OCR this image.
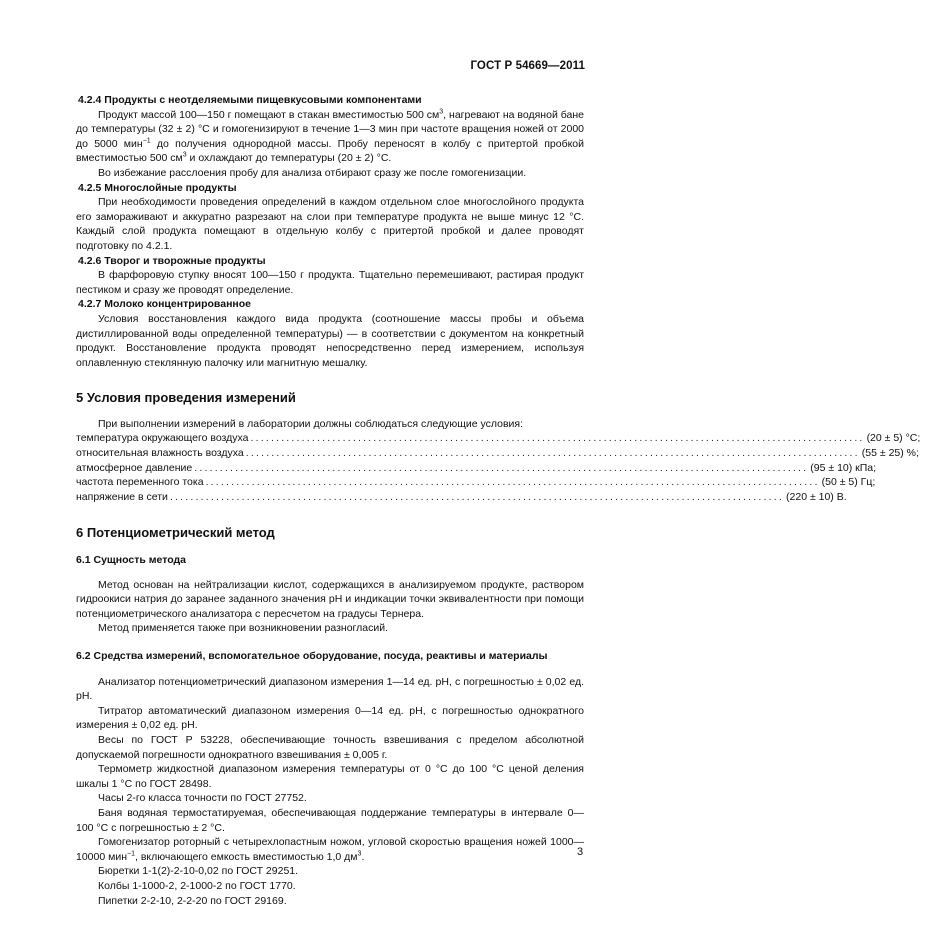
ГОСТ Р 54669—2011

4.2.4 Продукты с неотделяемыми пищевкусовыми компонентами

Продукт массой 100—150 г помещают в стакан вместимостью 500 $см^3$, нагревают на водяной бане до температуры (32 ± 2) °С и гомогенизируют в течение 1—3 мин при частоте вращения ножей от 2000 до 5000 мин$^{-1}$ до получения однородной массы. Пробу переносят в колбу с притертой пробкой вместимостью 500 $см^3$ и охлаждают до температуры (20 ± 2) °С.

Во избежание расслоения пробу для анализа отбирают сразу же после гомогенизации.

4.2.5 Многослойные продукты

При необходимости проведения определений в каждом отдельном слое многослойного продукта его замораживают и аккуратно разрезают на слои при температуре продукта не выше минус 12 °С. Каждый слой продукта помещают в отдельную колбу с притертой пробкой и далее проводят подготовку по 4.2.1.

4.2.6 Творог и творожные продукты

В фарфоровую ступку вносят 100—150 г продукта. Тщательно перемешивают, растирая продукт пестиком и сразу же проводят определение.

4.2.7 Молоко концентрированное

Условия восстановления каждого вида продукта (соотношение массы пробы и объема дистиллированной воды определенной температуры) — в соответствии с документом на конкретный продукт. Восстановление продукта проводят непосредственно перед измерением, используя оплавленную стеклянную палочку или магнитную мешалку.

5 Условия проведения измерений

При выполнении измерений в лаборатории должны соблюдаться следующие условия:

температура окружающего воздуха ........................................................................................................................ (20 ± 5) °С;
относительная влажность воздуха ........................................................................................................................ (55 ± 25) %;
атмосферное давление ........................................................................................................................ (95 ± 10) кПа;
частота переменного тока ........................................................................................................................ (50 ± 5) Гц;
напряжение в сети ........................................................................................................................ (220 ± 10) В.
6 Потенциометрический метод
6.1 Сущность метода

Метод основан на нейтрализации кислот, содержащихся в анализируемом продукте, раствором гидроокиси натрия до заранее заданного значения рН и индикации точки эквивалентности при помощи потенциометрического анализатора с пересчетом на градусы Тернера.

Метод применяется также при возникновении разногласий.

6.2 Средства измерений, вспомогательное оборудование, посуда, реактивы и материалы

Анализатор потенциометрический диапазоном измерения 1—14 ед. рН, с погрешностью ± 0,02 ед. рН.

Титратор автоматический диапазоном измерения 0—14 ед. рН, с погрешностью однократного измерения ± 0,02 ед. рН.

Весы по ГОСТ Р 53228, обеспечивающие точность взвешивания с пределом абсолютной допускаемой погрешности однократного взвешивания ± 0,005 г.

Термометр жидкостной диапазоном измерения температуры от 0 °С до 100 °С ценой деления шкалы 1 °С по ГОСТ 28498.

Часы 2-го класса точности по ГОСТ 27752.

Баня водяная термостатируемая, обеспечивающая поддержание температуры в интервале 0—100 °С с погрешностью ± 2 °С.

Гомогенизатор роторный с четырехлопастным ножом, угловой скоростью вращения ножей 1000—10000 мин$^{-1}$, включающего емкость вместимостью 1,0 $дм^3$.

Бюретки 1-1(2)-2-10-0,02 по ГОСТ 29251.

Колбы 1-1000-2, 2-1000-2 по ГОСТ 1770.

Пипетки 2-2-10, 2-2-20 по ГОСТ 29169.

3
